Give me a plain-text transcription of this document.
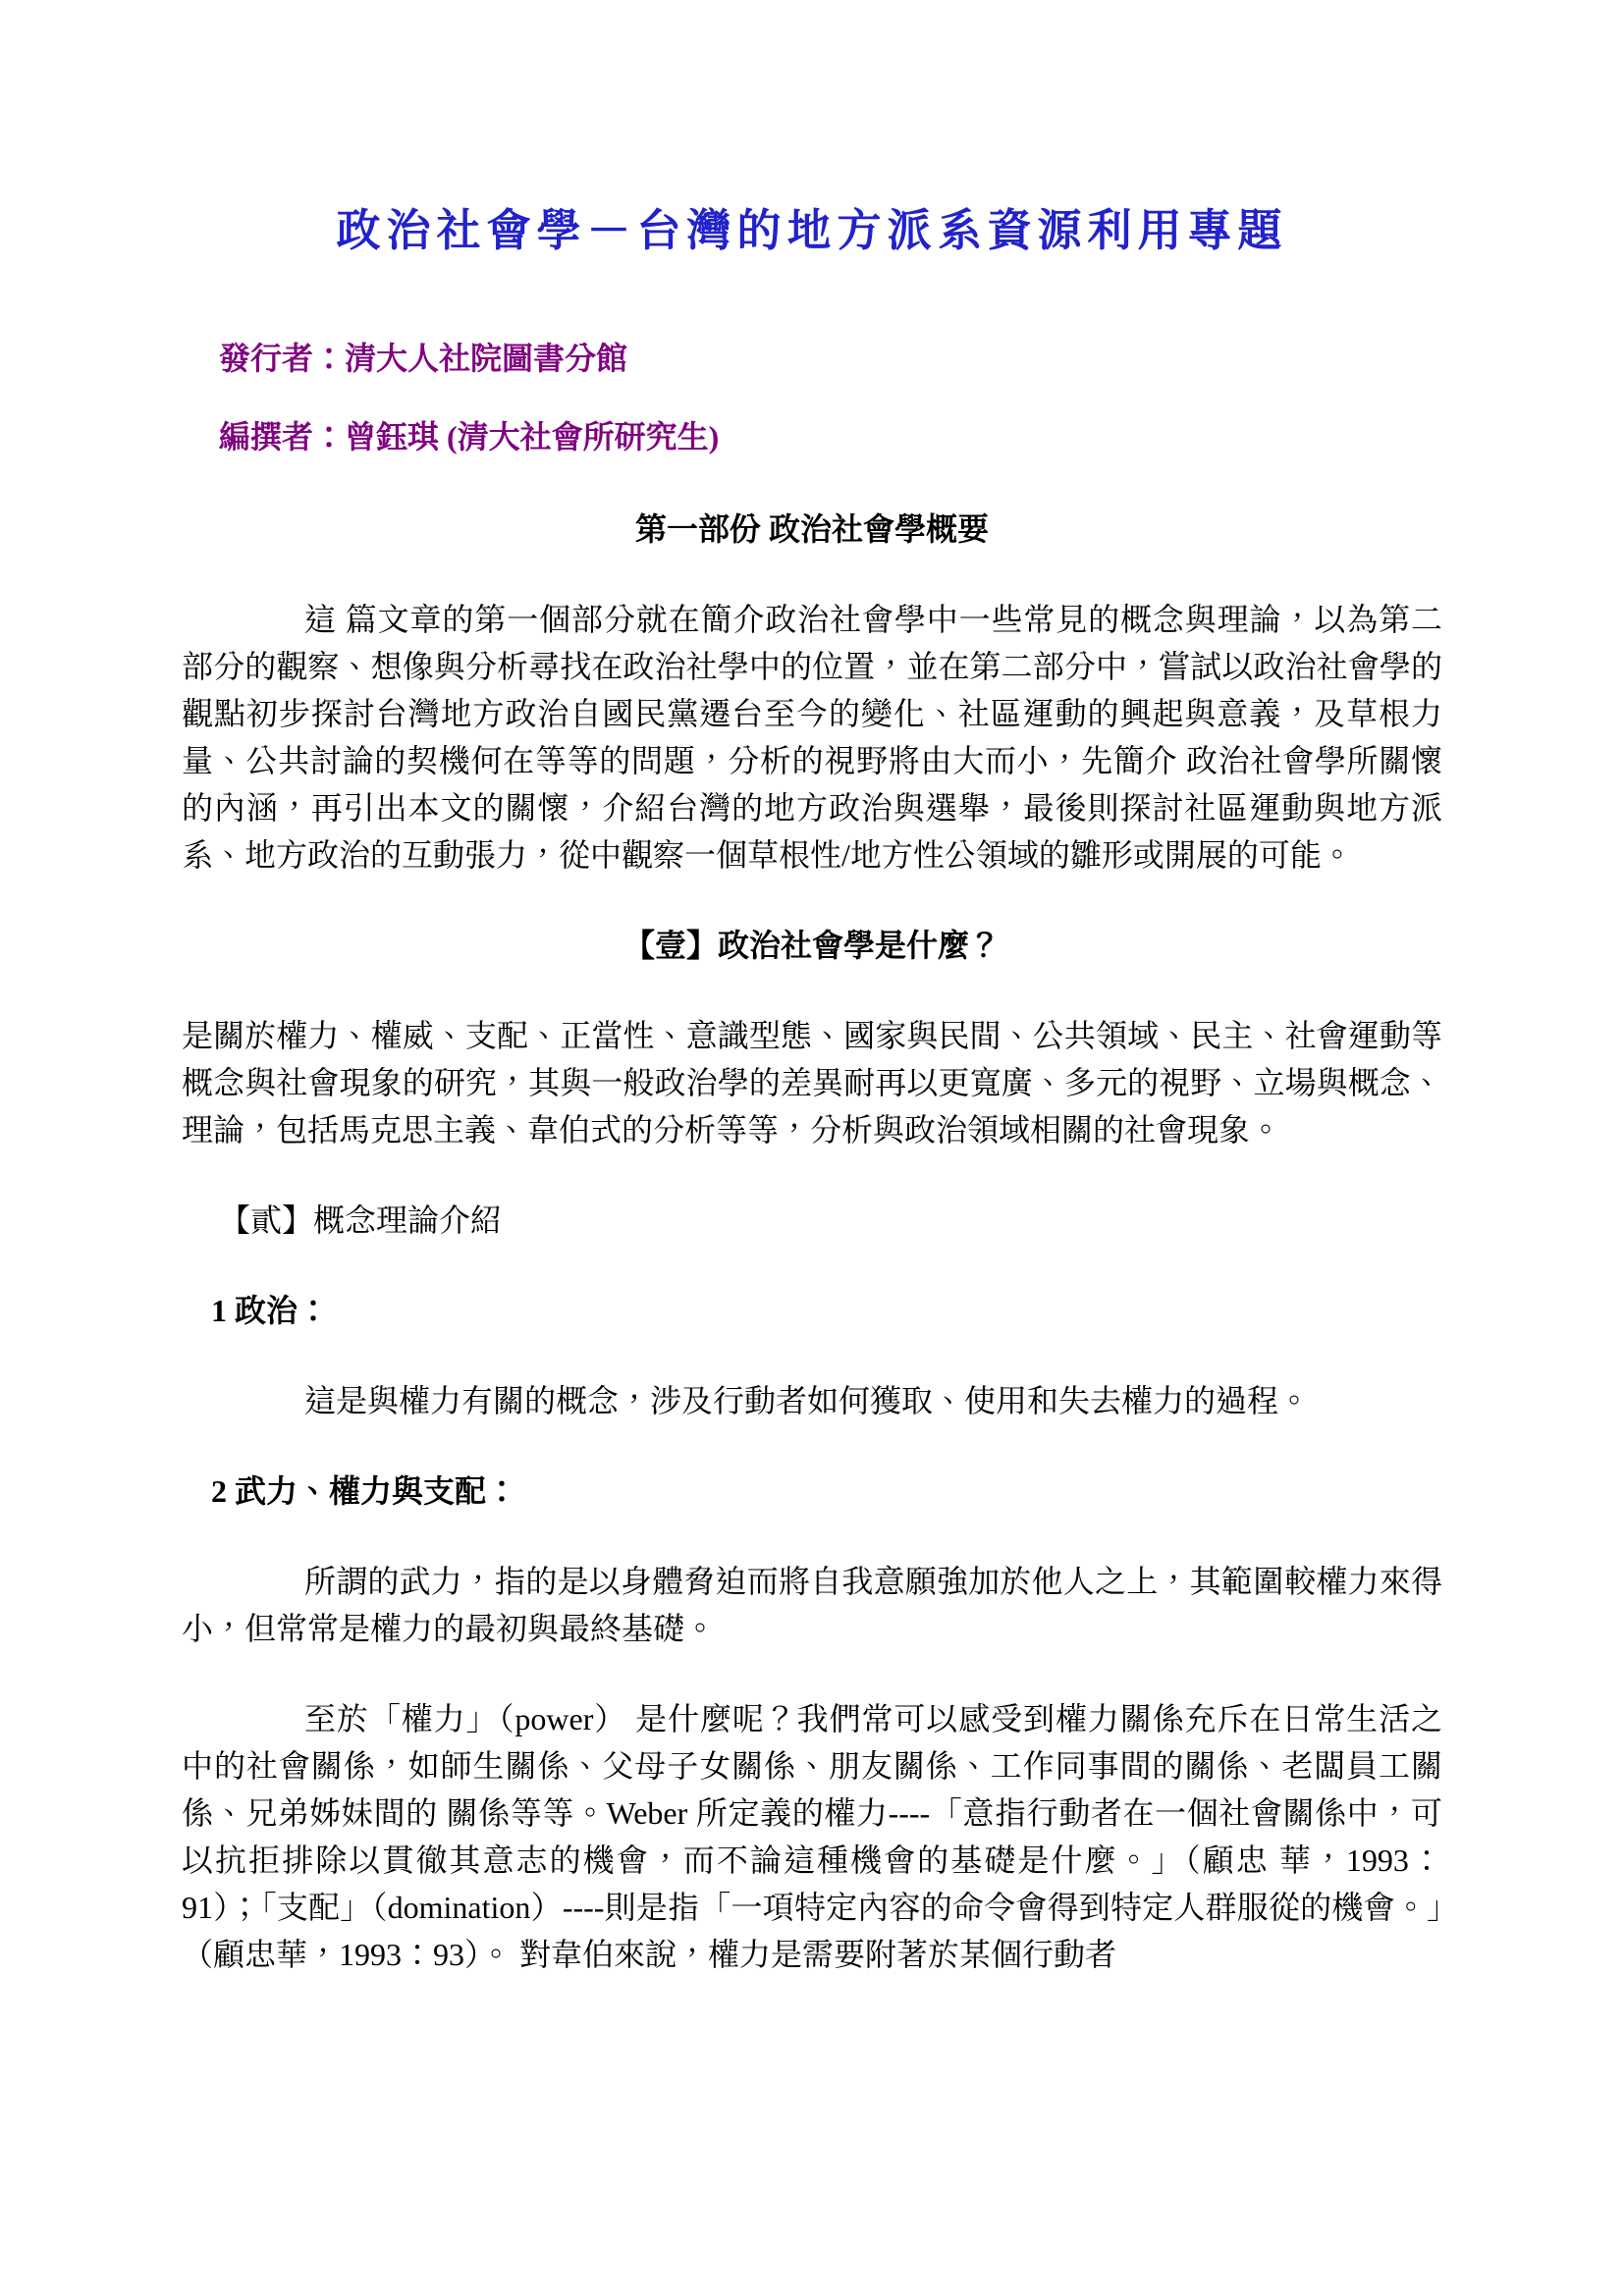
政治社會學－台灣的地方派系資源利用專題

發行者：清大人社院圖書分館

編撰者：曾鈺琪 (清大社會所研究生)

第一部份 政治社會學概要

這 篇文章的第一個部分就在簡介政治社會學中一些常見的概念與理論，以為第二部分的觀察、想像與分析尋找在政治社學中的位置，並在第二部分中，嘗試以政治社會學的觀點初步探討台灣地方政治自國民黨遷台至今的變化、社區運動的興起與意義，及草根力量、公共討論的契機何在等等的問題，分析的視野將由大而小，先簡介 政治社會學所關懷的內涵，再引出本文的關懷，介紹台灣的地方政治與選舉，最後則探討社區運動與地方派系、地方政治的互動張力，從中觀察一個草根性/地方性公領域的雛形或開展的可能。

【壹】政治社會學是什麼？

是關於權力、權威、支配、正當性、意識型態、國家與民間、公共領域、民主、社會運動等概念與社會現象的研究，其與一般政治學的差異耐再以更寬廣、多元的視野、立場與概念、理論，包括馬克思主義、韋伯式的分析等等，分析與政治領域相關的社會現象。

【貳】概念理論介紹
1 政治：

這是與權力有關的概念，涉及行動者如何獲取、使用和失去權力的過程。

2 武力、權力與支配：

所謂的武力，指的是以身體脅迫而將自我意願強加於他人之上，其範圍較權力來得小，但常常是權力的最初與最終基礎。

至於「權力」（power） 是什麼呢？我們常可以感受到權力關係充斥在日常生活之中的社會關係，如師生關係、父母子女關係、朋友關係、工作同事間的關係、老闆員工關係、兄弟姊妹間的 關係等等。Weber 所定義的權力----「意指行動者在一個社會關係中，可以抗拒排除以貫徹其意志的機會，而不論這種機會的基礎是什麼。」（顧忠 華，1993：91）；「支配」（domination）----則是指「一項特定內容的命令會得到特定人群服從的機會。」（顧忠華，1993：93）。 對韋伯來說，權力是需要附著於某個行動者
